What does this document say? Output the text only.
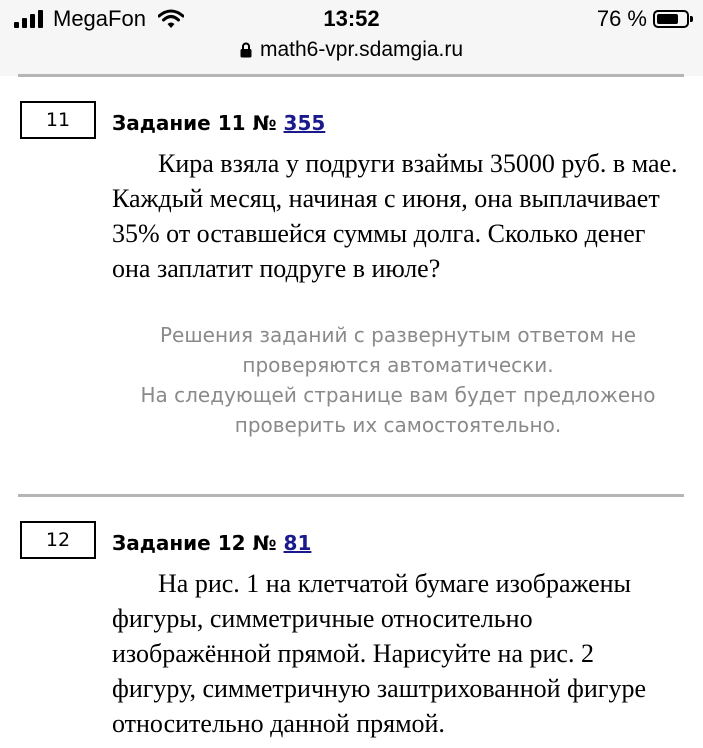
MegaFon	13:52	76 %
math6-vpr.sdamgia.ru
11	Задание 11 № 355
Кира взяла у подруги взаймы 35000 руб. в мае. Каждый месяц, начиная с июня, она выплачивает 35% от оставшейся суммы долга. Сколько денег она заплатит подруге в июле?
Решения заданий с развернутым ответом не проверяются автоматически.
На следующей странице вам будет предложено проверить их самостоятельно.
12	Задание 12 № 81
На рис. 1 на клетчатой бумаге изображены фигуры, симметричные относительно изображённой прямой. Нарисуйте на рис. 2 фигуру, симметричную заштрихованной фигуре относительно данной прямой.
